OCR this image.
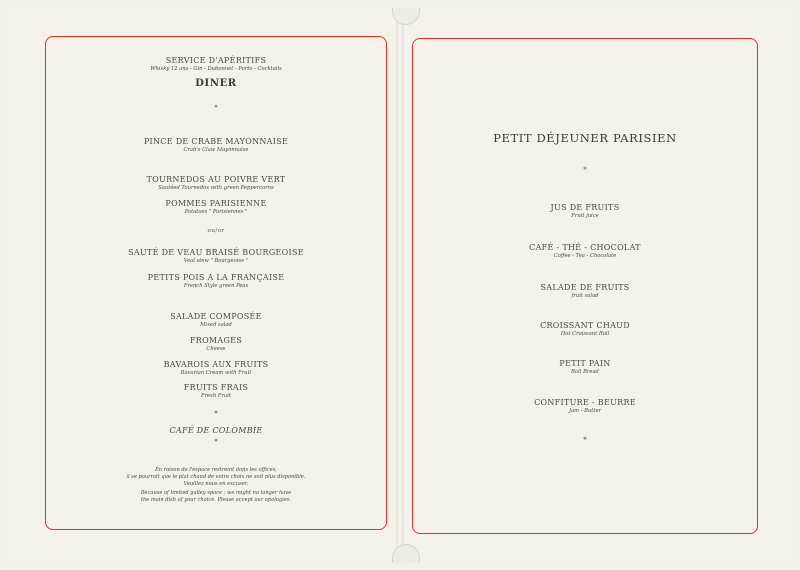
SERVICE D'APÉRITIFS
Whisky 12 ans - Gin - Dubonnet - Porto - Cocktails
DINER
*
PINCE DE CRABE MAYONNAISE
Crab's Claw Mayonnaise
TOURNEDOS AU POIVRE VERT
Sautéed Tournedos with green Peppercorns
POMMES PARISIENNE
Potatoes " Parisiennes "
ou/or
SAUTÉ DE VEAU BRAISÉ BOURGEOISE
Veal stew " Bourgeoise "
PETITS POIS A LA FRANÇAISE
French Style green Peas
SALADE COMPOSÉE
Mixed salad
FROMAGES
Cheese
BAVAROIS AUX FRUITS
Bavarian Cream with Fruit
FRUITS FRAIS
Fresh Fruit
*
CAFÉ DE COLOMBIE
*
En raison de l'espace restreint dans les offices,
il se pourrait que le plat chaud de votre choix ne soit plus disponible.
Veuillez nous en excuser.
Because of limited galley space ; we might no longer have
the main dish of your choice. Please accept our apologies.
PETIT DÉJEUNER PARISIEN
*
JUS DE FRUITS
Fruit juice
CAFÉ - THÉ - CHOCOLAT
Coffee - Tea - Chocolate
SALADE DE FRUITS
fruit salad
CROISSANT CHAUD
Hot Croissant Roll
PETIT PAIN
Roll Bread
CONFITURE - BEURRE
Jam - Butter
*
